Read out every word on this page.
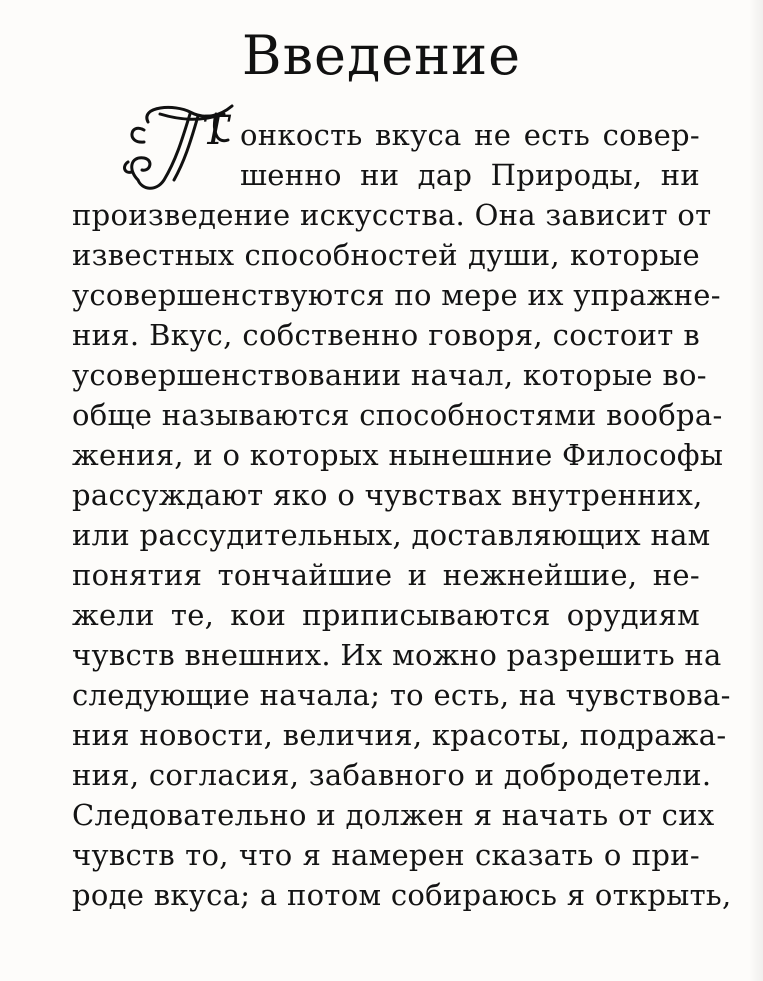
Введение
Т онкость вкуса не есть совер-
шенно ни дар Природы, ни
произведение искусства. Она зависит от
известных способностей души, которые
усовершенствуются по мере их упражне-
ния. Вкус, собственно говоря, состоит в
усовершенствовании начал, которые во-
обще называются способностями вообра-
жения, и о которых нынешние Философы
рассуждают яко о чувствах внутренних,
или рассудительных, доставляющих нам
понятия тончайшие и нежнейшие, не-
жели те, кои приписываются орудиям
чувств внешних. Их можно разрешить на
следующие начала; то есть, на чувствова-
ния новости, величия, красоты, подража-
ния, согласия, забавного и добродетели.
Следовательно и должен я начать от сих
чувств то, что я намерен сказать о при-
роде вкуса; а потом собираюсь я открыть,
